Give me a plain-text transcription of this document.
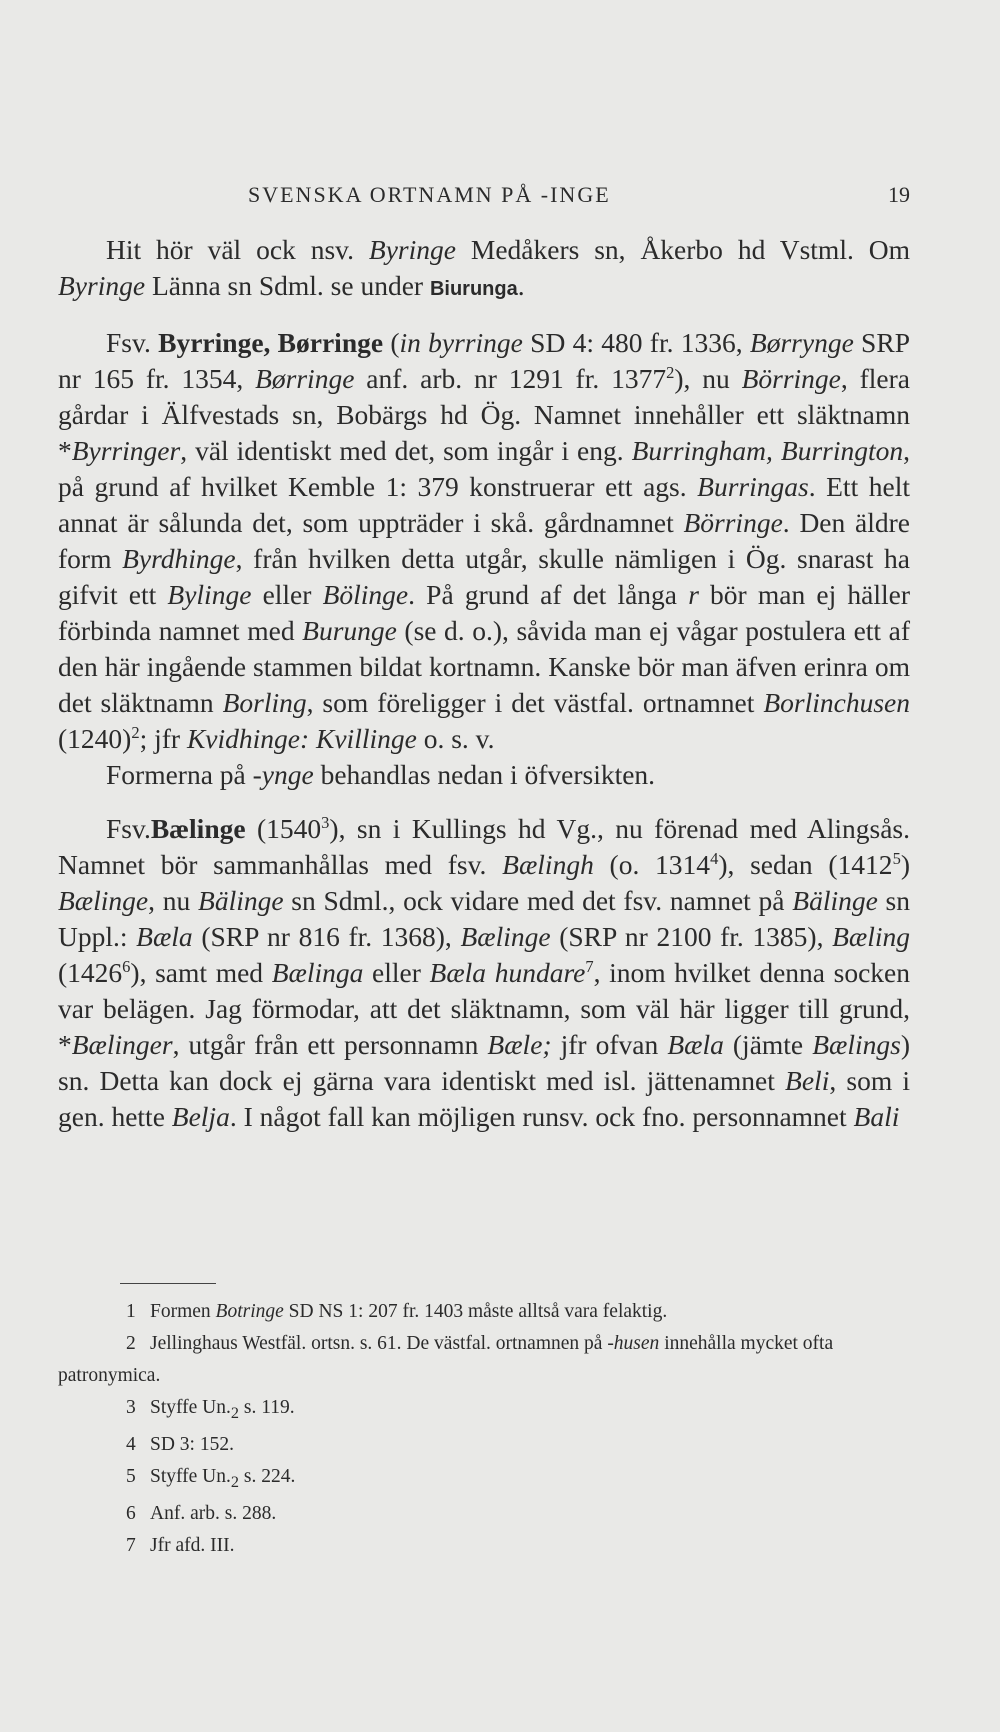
SVENSKA ORTNAMN PÅ -INGE	19

Hit hör väl ock nsv. Byringe Medåkers sn, Åkerbo hd Vstml. Om Byringe Länna sn Sdml. se under Biurunga.

Fsv. Byrringe, Børringe (in byrringe SD 4: 480 fr. 1336, Børrynge SRP nr 165 fr. 1354, Børringe anf. arb. nr 1291 fr. 1377$^2$), nu Börringe, flera gårdar i Älfvestads sn, Bobärgs hd Ög. Namnet innehåller ett släktnamn *Byrringer, väl identiskt med det, som ingår i eng. Burringham, Burrington, på grund af hvilket Kemble 1: 379 konstruerar ett ags. Burringas. Ett helt annat är sålunda det, som uppträder i skå. gårdnamnet Börringe. Den äldre form Byrdhinge, från hvilken detta utgår, skulle nämligen i Ög. snarast ha gifvit ett Bylinge eller Bölinge. På grund af det långa r bör man ej häller förbinda namnet med Burunge (se d. o.), såvida man ej vågar postulera ett af den här ingående stammen bildat kortnamn. Kanske bör man äfven erinra om det släktnamn Borling, som föreligger i det västfal. ortnamnet Borlinchusen $(1240)^2$; jfr Kvidhinge: Kvillinge o. s. v.

Formerna på -ynge behandlas nedan i öfversikten.

Fsv.Bælinge (1540$^3$), sn i Kullings hd Vg., nu förenad med Alingsås. Namnet bör sammanhållas med fsv. Bælingh (o. 1314$^4$), sedan (1412$^5$) Bælinge, nu Bälinge sn Sdml., ock vidare med det fsv. namnet på Bälinge sn Uppl.: Bæla (SRP nr 816 fr. 1368), Bælinge (SRP nr 2100 fr. 1385), Bæling (1426$^6$), samt med Bælinga eller Bæla hundare$^7$, inom hvilket denna socken var belägen. Jag förmodar, att det släktnamn, som väl här ligger till grund, *Bælinger, utgår från ett personnamn Bæle; jfr ofvan Bæla (jämte Bælings) sn. Detta kan dock ej gärna vara identiskt med isl. jättenamnet Beli, som i gen. hette Belja. I något fall kan möjligen runsv. ock fno. personnamnet Bali

1 Formen Botringe SD NS 1: 207 fr. 1403 måste alltså vara felaktig.

2 Jellinghaus Westfäl. ortsn. s. 61. De västfal. ortnamnen på -husen innehålla mycket ofta patronymica.

3 Styffe $Un._2$ s. 119.

4 SD 3: 152.

5 Styffe $Un._2$ s. 224.

6 Anf. arb. s. 288.

7 Jfr afd. III.
